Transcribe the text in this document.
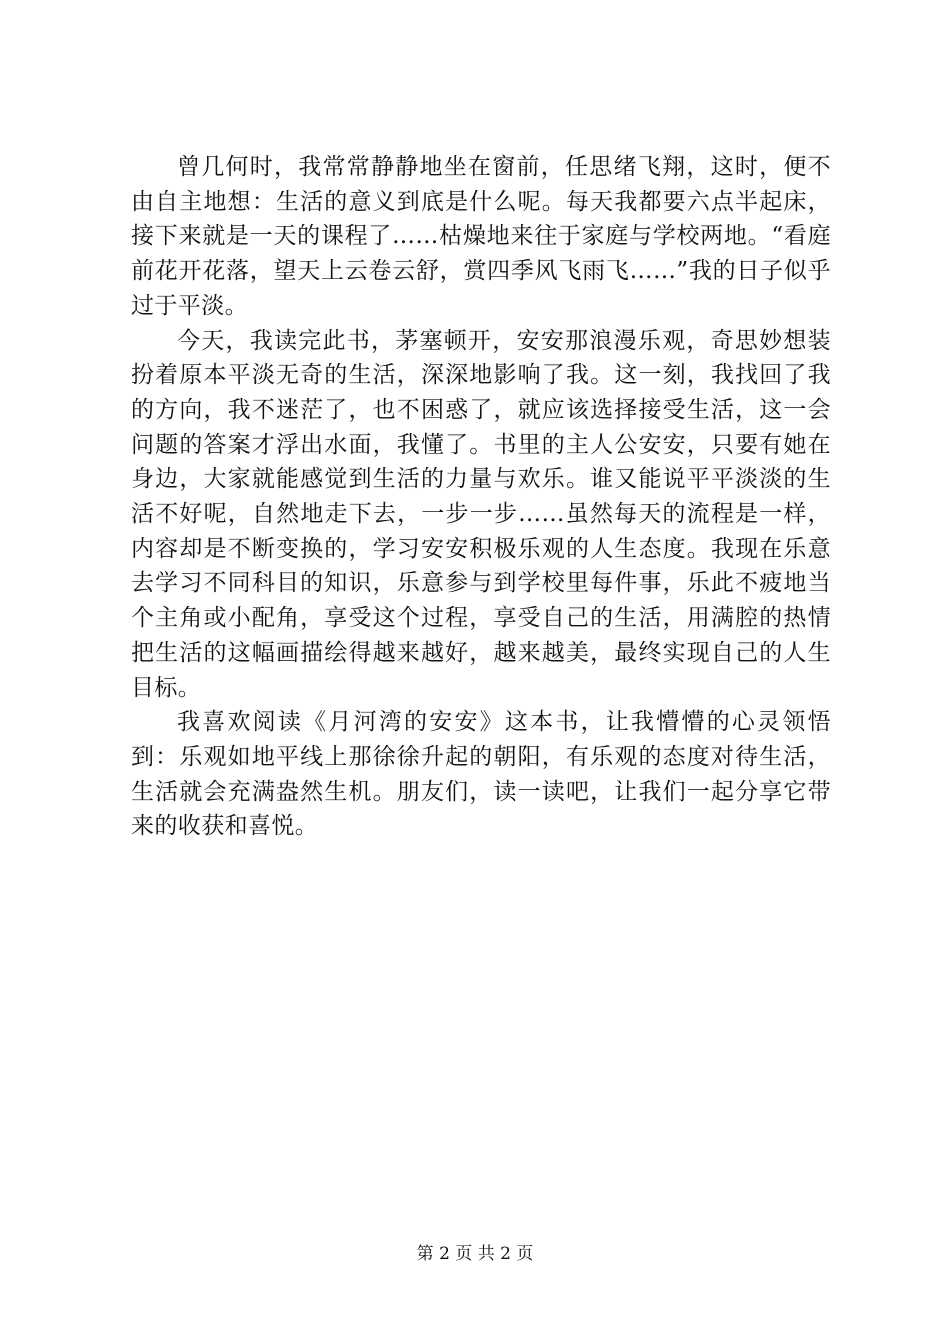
曾几何时，我常常静静地坐在窗前，任思绪飞翔，这时，便不由自主地想：生活的意义到底是什么呢。每天我都要六点半起床，接下来就是一天的课程了……枯燥地来往于家庭与学校两地。“看庭前花开花落，望天上云卷云舒，赏四季风飞雨飞……”我的日子似乎过于平淡。

今天，我读完此书，茅塞顿开，安安那浪漫乐观，奇思妙想装扮着原本平淡无奇的生活，深深地影响了我。这一刻，我找回了我的方向，我不迷茫了，也不困惑了，就应该选择接受生活，这一会问题的答案才浮出水面，我懂了。书里的主人公安安，只要有她在身边，大家就能感觉到生活的力量与欢乐。谁又能说平平淡淡的生活不好呢，自然地走下去，一步一步……虽然每天的流程是一样，内容却是不断变换的，学习安安积极乐观的人生态度。我现在乐意去学习不同科目的知识，乐意参与到学校里每件事，乐此不疲地当个主角或小配角，享受这个过程，享受自己的生活，用满腔的热情把生活的这幅画描绘得越来越好，越来越美，最终实现自己的人生目标。

我喜欢阅读《月河湾的安安》这本书，让我懵懵的心灵领悟到：乐观如地平线上那徐徐升起的朝阳，有乐观的态度对待生活，生活就会充满盎然生机。朋友们，读一读吧，让我们一起分享它带来的收获和喜悦。

第 2 页 共 2 页
